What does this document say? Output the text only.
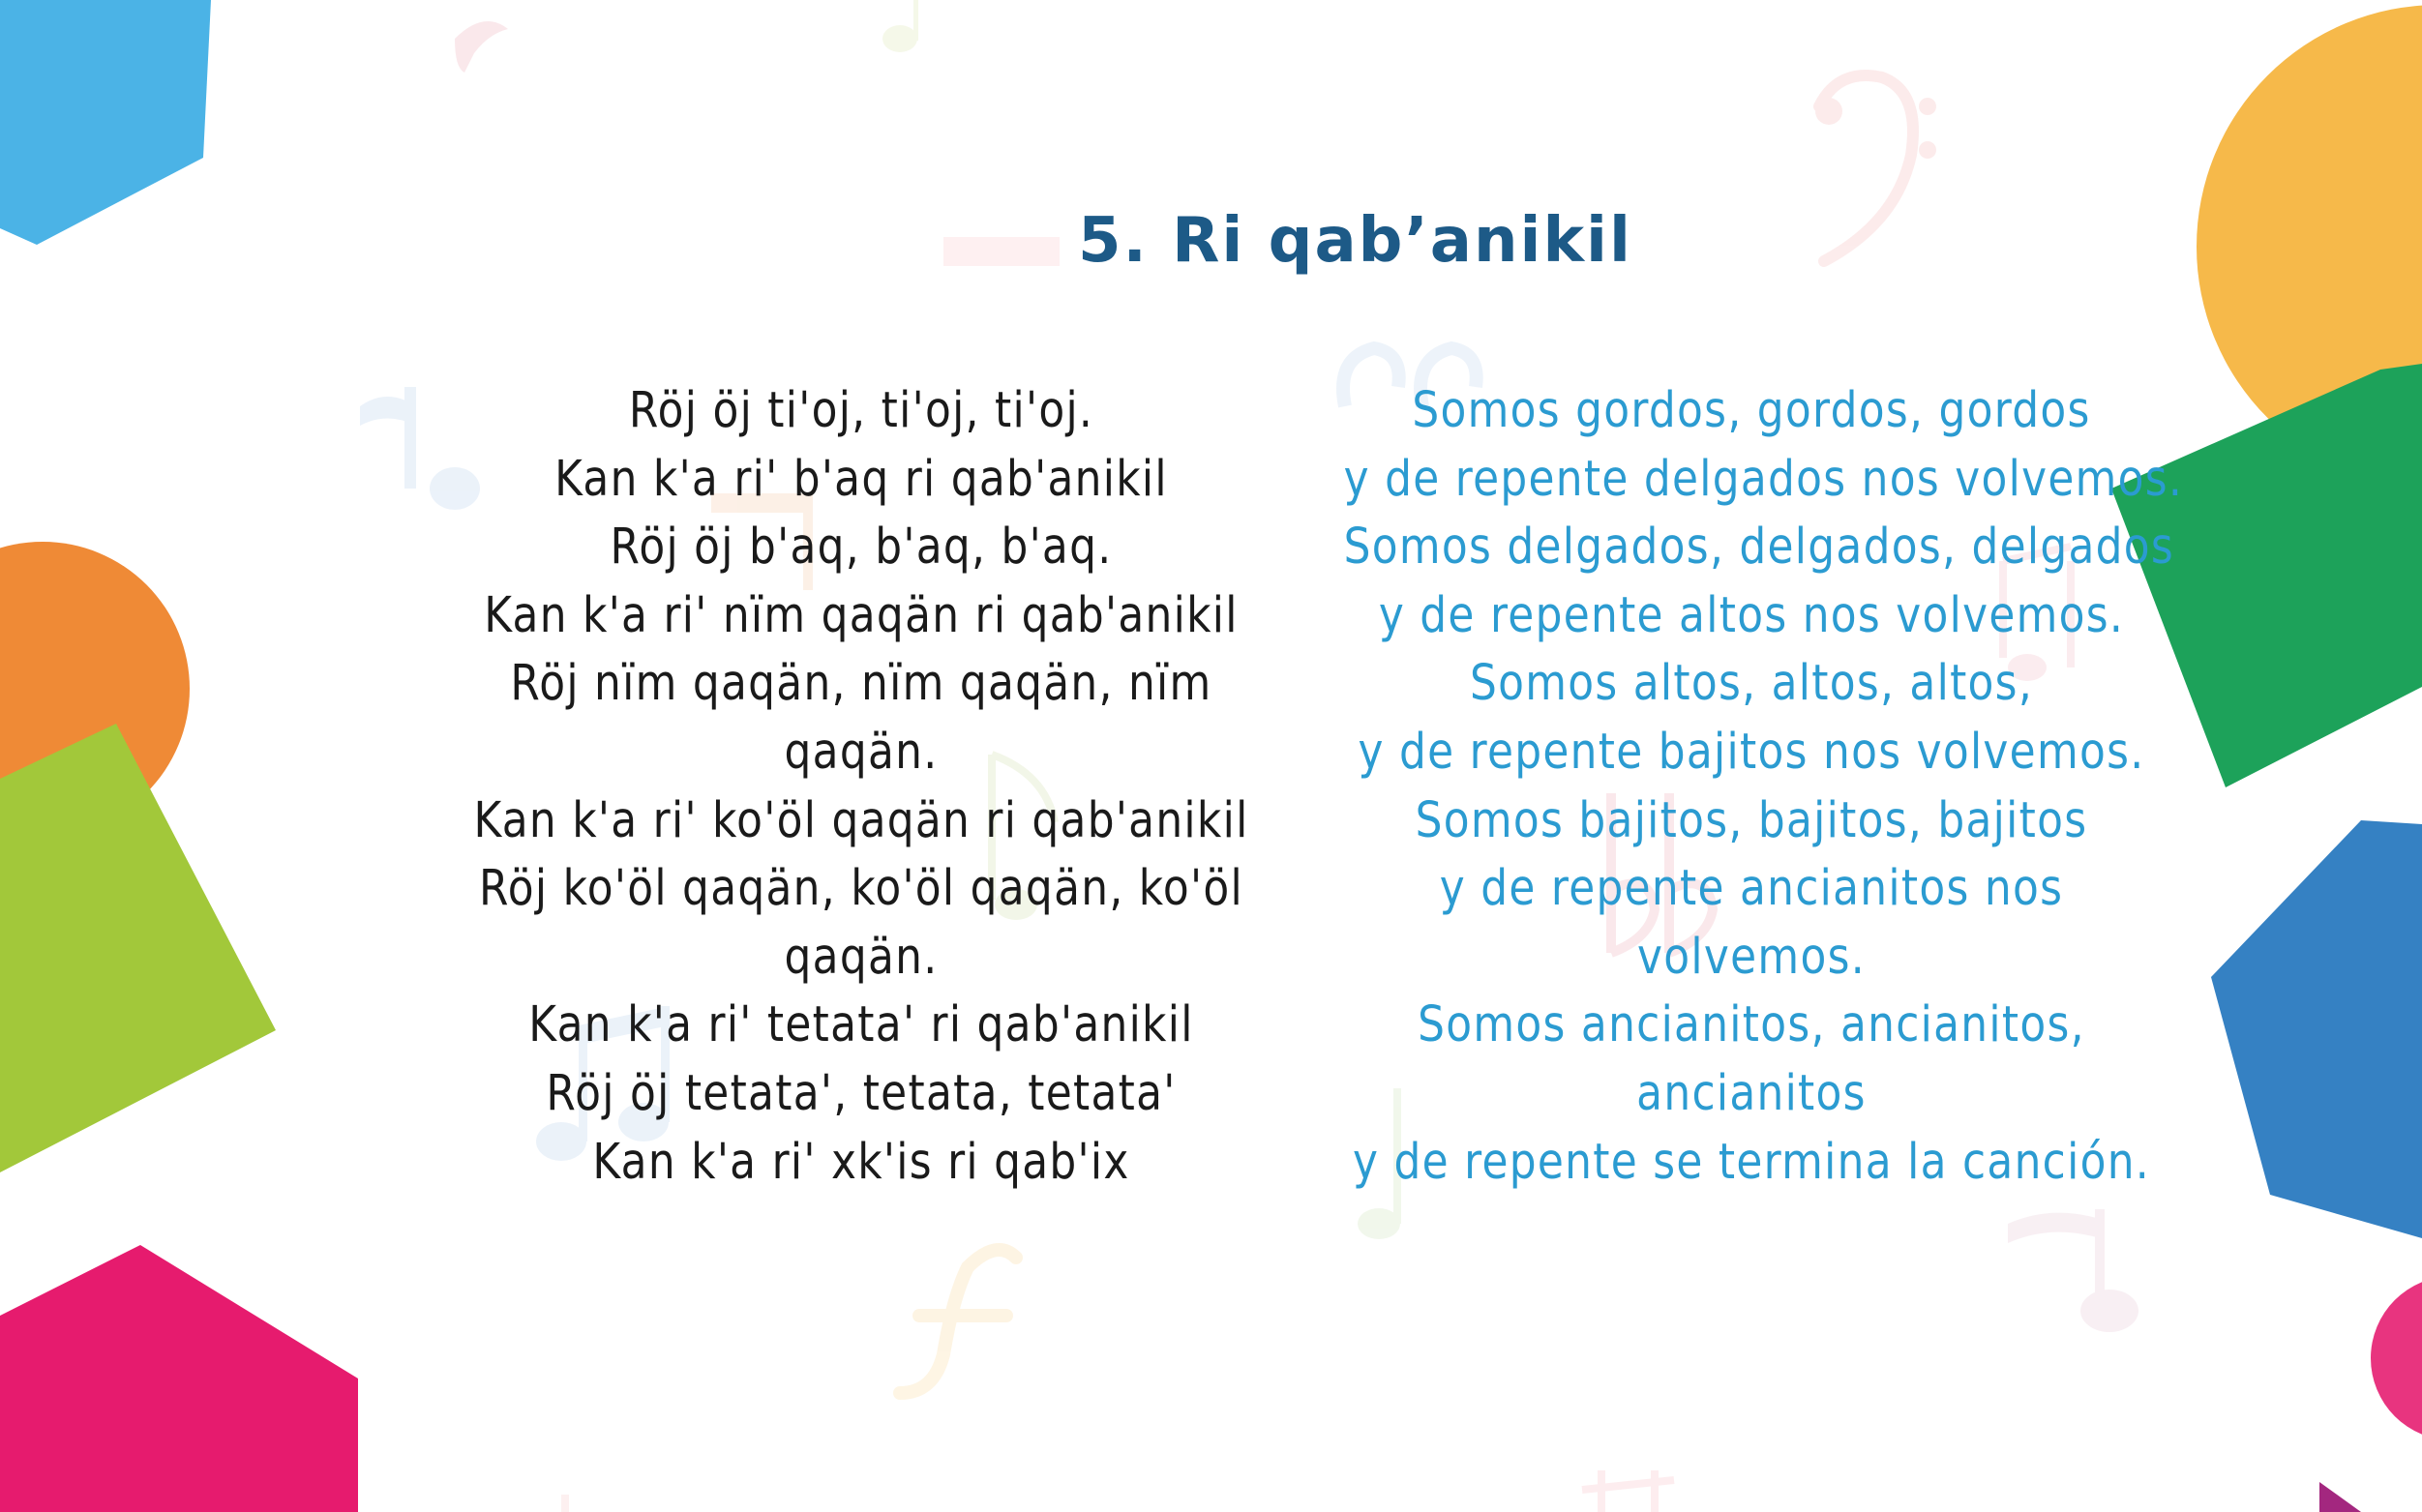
5. Ri qab’anikil
Röj öj ti'oj, ti'oj, ti'oj.
Kan k'a ri' b'aq ri qab'anikil
Röj öj b'aq, b'aq, b'aq.
Kan k'a ri' nïm qaqän ri qab'anikil
Röj nïm qaqän, nïm qaqän, nïm
qaqän.
Kan k'a ri' ko'öl qaqän ri qab'anikil
Röj ko'öl qaqän, ko'öl qaqän, ko'öl
qaqän.
Kan k'a ri' tetata' ri qab'anikil
Röj öj tetata', tetata, tetata'
Kan k'a ri' xk'is ri qab'ix
Somos gordos, gordos, gordos
y de repente delgados nos volvemos.
Somos delgados, delgados, delgados
y de repente altos nos volvemos.
Somos altos, altos, altos,
y de repente bajitos nos volvemos.
Somos bajitos, bajitos, bajitos
y de repente ancianitos nos
volvemos.
Somos ancianitos, ancianitos,
ancianitos
y de repente se termina la canción.
